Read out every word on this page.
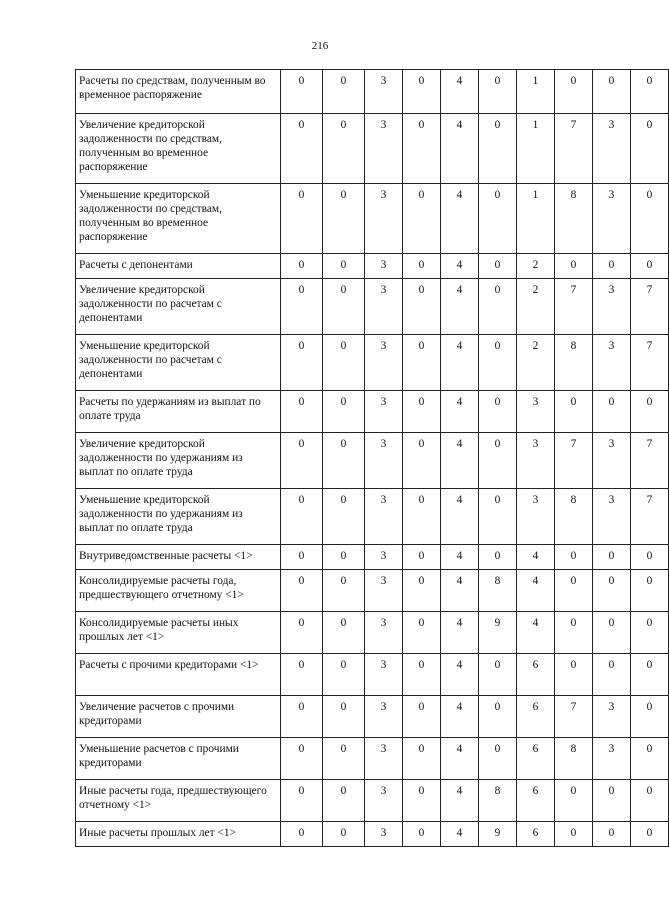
216
Расчеты по средствам, полученным во временное распоряжение	0	0	3	0	4	0	1	0	0	0
Увеличение кредиторской задолженности по средствам, полученным во временное распоряжение	0	0	3	0	4	0	1	7	3	0
Уменьшение кредиторской задолженности по средствам, полученным во временное распоряжение	0	0	3	0	4	0	1	8	3	0
Расчеты с депонентами	0	0	3	0	4	0	2	0	0	0
Увеличение кредиторской задолженности по расчетам с депонентами	0	0	3	0	4	0	2	7	3	7
Уменьшение кредиторской задолженности по расчетам с депонентами	0	0	3	0	4	0	2	8	3	7
Расчеты по удержаниям из выплат по оплате труда	0	0	3	0	4	0	3	0	0	0
Увеличение кредиторской задолженности по удержаниям из выплат по оплате труда	0	0	3	0	4	0	3	7	3	7
Уменьшение кредиторской задолженности по удержаниям из выплат по оплате труда	0	0	3	0	4	0	3	8	3	7
Внутриведомственные расчеты <1>	0	0	3	0	4	0	4	0	0	0
Консолидируемые расчеты года, предшествующего отчетному <1>	0	0	3	0	4	8	4	0	0	0
Консолидируемые расчеты иных прошлых лет <1>	0	0	3	0	4	9	4	0	0	0
Расчеты с прочими кредиторами <1>	0	0	3	0	4	0	6	0	0	0
Увеличение расчетов с прочими кредиторами	0	0	3	0	4	0	6	7	3	0
Уменьшение расчетов с прочими кредиторами	0	0	3	0	4	0	6	8	3	0
Иные расчеты года, предшествующего отчетному <1>	0	0	3	0	4	8	6	0	0	0
Иные расчеты прошлых лет <1>	0	0	3	0	4	9	6	0	0	0
